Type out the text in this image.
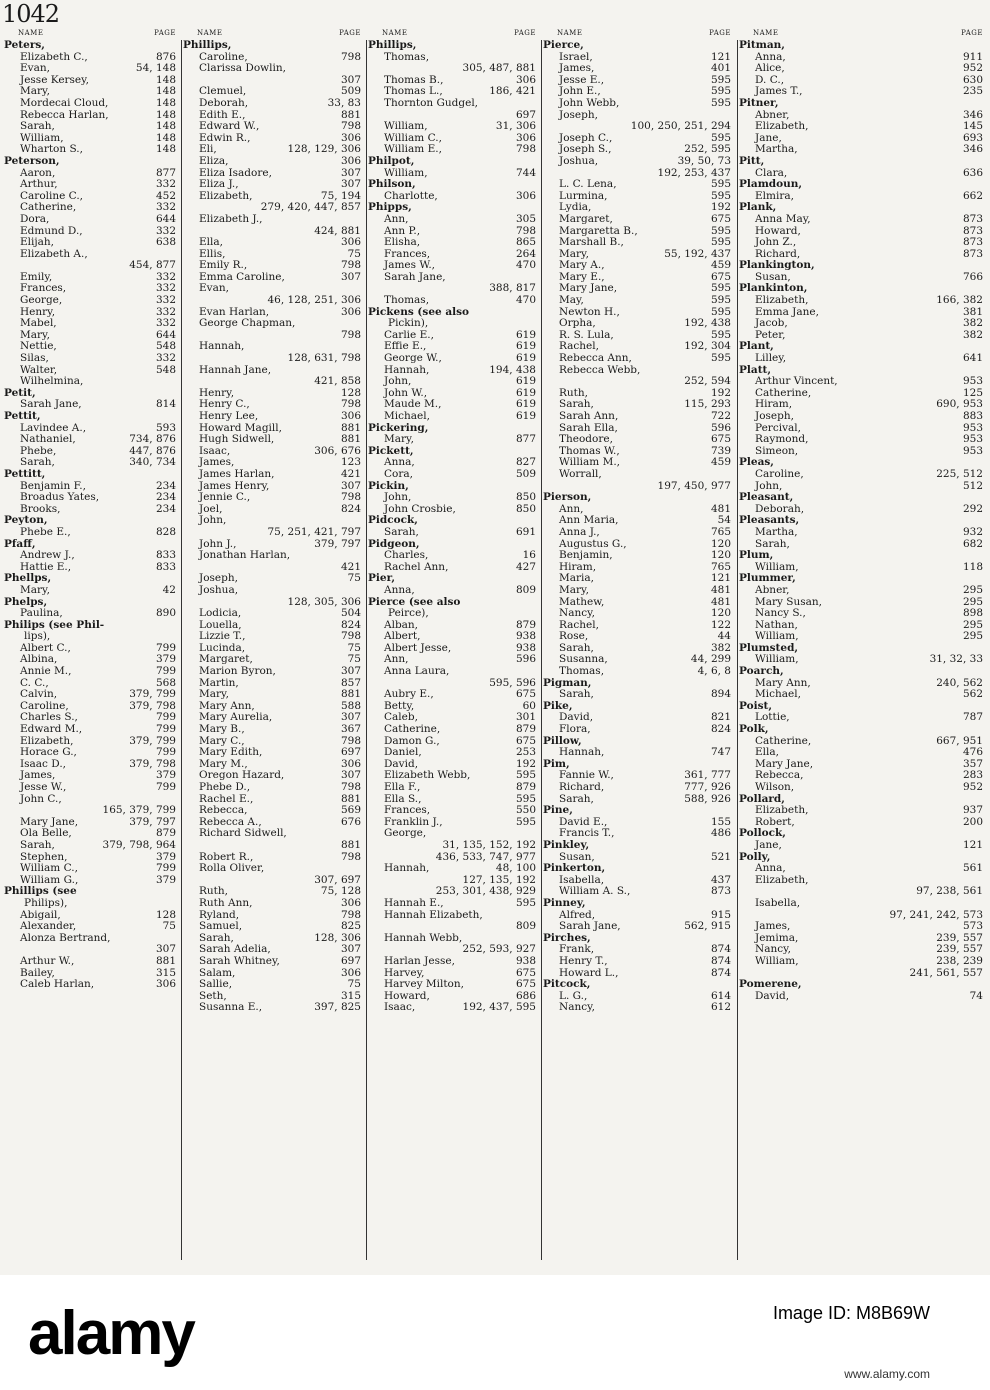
1042
NAME	PAGE
Peters,
Elizabeth C.,	876
Evan,	54, 148
Jesse Kersey,	148
Mary,	148
Mordecai Cloud,	148
Rebecca Harlan,	148
Sarah,	148
William,	148
Wharton S.,	148
Peterson,
Aaron,	877
Arthur,	332
Caroline C.,	452
Catherine,	332
Dora,	644
Edmund D.,	332
Elijah,	638
Elizabeth A.,
454, 877
Emily,	332
Frances,	332
George,	332
Henry,	332
Mabel,	332
Mary,	644
Nettie,	548
Silas,	332
Walter,	548
Wilhelmina,
Petit,
Sarah Jane,	814
Pettit,
Lavindee A.,	593
Nathaniel,	734, 876
Phebe,	447, 876
Sarah,	340, 734
Pettitt,
Benjamin F.,	234
Broadus Yates,	234
Brooks,	234
Peyton,
Phebe E.,	828
Pfaff,
Andrew J.,	833
Hattie E.,	833
Phellps,
Mary,	42
Phelps,
Paulina,	890
Philips (see Phil-
lips),
Albert C.,	799
Albina,	379
Annie M.,	799
C. C.,	568
Calvin,	379, 799
Caroline,	379, 798
Charles S.,	799
Edward M.,	799
Elizabeth,	379, 799
Horace G.,	799
Isaac D.,	379, 798
James,	379
Jesse W.,	799
John C.,
165, 379, 799
Mary Jane,	379, 797
Ola Belle,	879
Sarah,	379, 798, 964
Stephen,	379
William C.,	799
William G.,	379
Phillips (see
Philips),
Abigail,	128
Alexander,	75
Alonza Bertrand,
307
Arthur W.,	881
Bailey,	315
Caleb Harlan,	306
NAME	PAGE
Phillips,
Caroline,	798
Clarissa Dowlin,
307
Clemuel,	509
Deborah,	33, 83
Edith E.,	881
Edward W.,	798
Edwin R.,	306
Eli,	128, 129, 306
Eliza,	306
Eliza Isadore,	307
Eliza J.,	307
Elizabeth,	75, 194
279, 420, 447, 857
Elizabeth J.,
424, 881
Ella,	306
Ellis,	75
Emily R.,	798
Emma Caroline,	307
Evan,
46, 128, 251, 306
Evan Harlan,	306
George Chapman,
798
Hannah,
128, 631, 798
Hannah Jane,
421, 858
Henry,	128
Henry C.,	798
Henry Lee,	306
Howard Magill,	881
Hugh Sidwell,	881
Isaac,	306, 676
James,	123
James Harlan,	421
James Henry,	307
Jennie C.,	798
Joel,	824
John,
75, 251, 421, 797
John J.,	379, 797
Jonathan Harlan,
421
Joseph,	75
Joshua,
128, 305, 306
Lodicia,	504
Louella,	824
Lizzie T.,	798
Lucinda,	75
Margaret,	75
Marion Byron,	307
Martin,	857
Mary,	881
Mary Ann,	588
Mary Aurelia,	307
Mary B.,	367
Mary C.,	798
Mary Edith,	697
Mary M.,	306
Oregon Hazard,	307
Phebe D.,	798
Rachel E.,	881
Rebecca,	569
Rebecca A.,	676
Richard Sidwell,
881
Robert R.,	798
Rolla Oliver,
307, 697
Ruth,	75, 128
Ruth Ann,	306
Ryland,	798
Samuel,	825
Sarah,	128, 306
Sarah Adelia,	307
Sarah Whitney,	697
Salam,	306
Sallie,	75
Seth,	315
Susanna E.,	397, 825
NAME	PAGE
Phillips,
Thomas,
305, 487, 881
Thomas B.,	306
Thomas L.,	186, 421
Thornton Gudgel,
697
William,	31, 306
William C.,	306
William E.,	798
Philpot,
William,	744
Philson,
Charlotte,	306
Phipps,
Ann,	305
Ann P.,	798
Elisha,	865
Frances,	264
James W.,	470
Sarah Jane,
388, 817
Thomas,	470
Pickens (see also
Pickin),
Carlie E.,	619
Effie E.,	619
George W.,	619
Hannah,	194, 438
John,	619
John W.,	619
Maude M.,	619
Michael,	619
Pickering,
Mary,	877
Pickett,
Anna,	827
Cora,	509
Pickin,
John,	850
John Crosbie,	850
Pidcock,
Sarah,	691
Pidgeon,
Charles,	16
Rachel Ann,	427
Pier,
Anna,	809
Pierce (see also
Peirce),
Alban,	879
Albert,	938
Albert Jesse,	938
Ann,	596
Anna Laura,
595, 596
Aubry E.,	675
Betty,	60
Caleb,	301
Catherine,	879
Damon G.,	675
Daniel,	253
David,	192
Elizabeth Webb,	595
Ella F.,	879
Ella S.,	595
Frances,	550
Franklin J.,	595
George,
31, 135, 152, 192
436, 533, 747, 977
Hannah,	48, 100
127, 135, 192
253, 301, 438, 929
Hannah E.,	595
Hannah Elizabeth,
809
Hannah Webb,
252, 593, 927
Harlan Jesse,	938
Harvey,	675
Harvey Milton,	675
Howard,	686
Isaac,	192, 437, 595
NAME	PAGE
Pierce,
Israel,	121
James,	401
Jesse E.,	595
John E.,	595
John Webb,	595
Joseph,
100, 250, 251, 294
Joseph C.,	595
Joseph S.,	252, 595
Joshua,	39, 50, 73
192, 253, 437
L. C. Lena,	595
Lurmina,	595
Lydia,	192
Margaret,	675
Margaretta B.,	595
Marshall B.,	595
Mary,	55, 192, 437
Mary A.,	459
Mary E.,	675
Mary Jane,	595
May,	595
Newton H.,	595
Orpha,	192, 438
R. S. Lula,	595
Rachel,	192, 304
Rebecca Ann,	595
Rebecca Webb,
252, 594
Ruth,	192
Sarah,	115, 293
Sarah Ann,	722
Sarah Ella,	596
Theodore,	675
Thomas W.,	739
William M.,	459
Worrall,
197, 450, 977
Pierson,
Ann,	481
Ann Maria,	54
Anna J.,	765
Augustus G.,	120
Benjamin,	120
Hiram,	765
Maria,	121
Mary,	481
Mathew,	481
Nancy,	120
Rachel,	122
Rose,	44
Sarah,	382
Susanna,	44, 299
Thomas,	4, 6, 8
Pigman,
Sarah,	894
Pike,
David,	821
Flora,	824
Pillow,
Hannah,	747
Pim,
Fannie W.,	361, 777
Richard,	777, 926
Sarah,	588, 926
Pine,
David E.,	155
Francis T.,	486
Pinkley,
Susan,	521
Pinkerton,
Isabella,	437
William A. S.,	873
Pinney,
Alfred,	915
Sarah Jane,	562, 915
Pirches,
Frank,	874
Henry T.,	874
Howard L.,	874
Pitcock,
L. G.,	614
Nancy,	612
NAME	PAGE
Pitman,
Anna,	911
Alice,	952
D. C.,	630
James T.,	235
Pitner,
Abner,	346
Elizabeth,	145
Jane,	693
Martha,	346
Pitt,
Clara,	636
Plamdoun,
Elmira,	662
Plank,
Anna May,	873
Howard,	873
John Z.,	873
Richard,	873
Plankington,
Susan,	766
Plankinton,
Elizabeth,	166, 382
Emma Jane,	381
Jacob,	382
Peter,	382
Plant,
Lilley,	641
Platt,
Arthur Vincent,	953
Catherine,	125
Hiram,	690, 953
Joseph,	883
Percival,	953
Raymond,	953
Simeon,	953
Pleas,
Caroline,	225, 512
John,	512
Pleasant,
Deborah,	292
Pleasants,
Martha,	932
Sarah,	682
Plum,
William,	118
Plummer,
Abner,	295
Mary Susan,	295
Nancy S.,	898
Nathan,	295
William,	295
Plumsted,
William,	31, 32, 33
Poarch,
Mary Ann,	240, 562
Michael,	562
Poist,
Lottie,	787
Polk,
Catherine,	667, 951
Ella,	476
Mary Jane,	357
Rebecca,	283
Wilson,	952
Pollard,
Elizabeth,	937
Robert,	200
Pollock,
Jane,	121
Polly,
Anna,	561
Elizabeth,
97, 238, 561
Isabella,
97, 241, 242, 573
James,	573
Jemima,	239, 557
Nancy,	239, 557
William,	238, 239
241, 561, 557
Pomerene,
David,	74
alamy	Image ID: M8B69W
www.alamy.com
